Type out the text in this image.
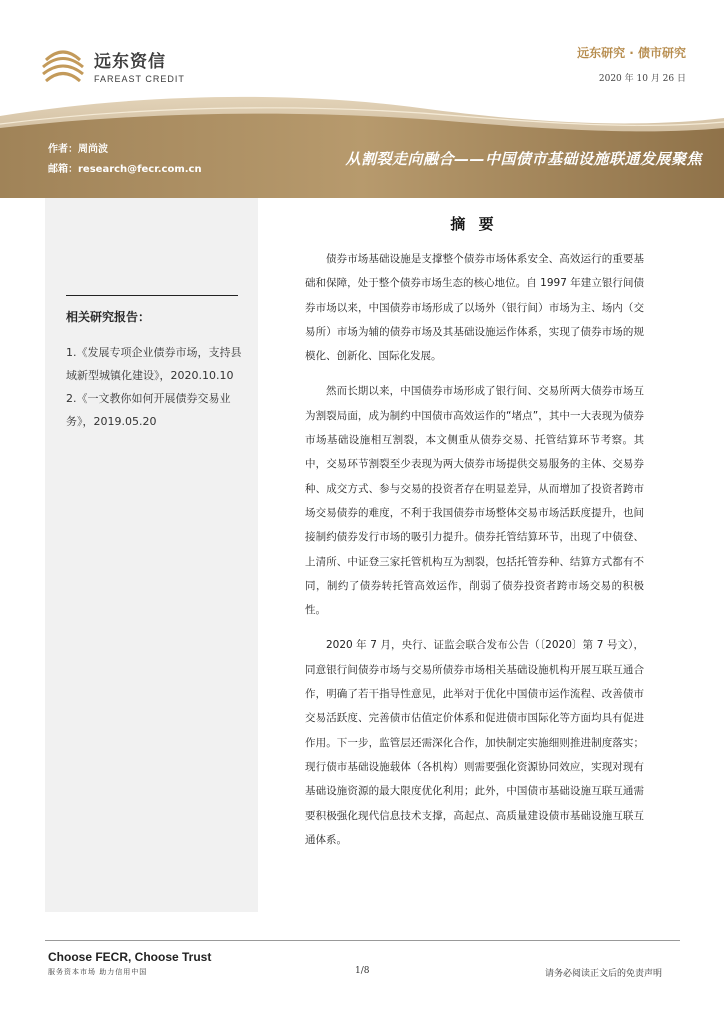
远东资信
FAREAST CREDIT
远东研究 · 债市研究
2020 年 10 月 26 日
作者：周尚波
邮箱：research@fecr.com.cn
从割裂走向融合——中国债市基础设施联通发展聚焦
相关研究报告：
1.《发展专项企业债券市场，支持县域新型城镇化建设》，2020.10.10
2.《一文教你如何开展债券交易业务》，2019.05.20
摘 要

债券市场基础设施是支撑整个债券市场体系安全、高效运行的重要基础和保障，处于整个债券市场生态的核心地位。自 1997 年建立银行间债券市场以来，中国债券市场形成了以场外（银行间）市场为主、场内（交易所）市场为辅的债券市场及其基础设施运作体系，实现了债券市场的规模化、创新化、国际化发展。

然而长期以来，中国债券市场形成了银行间、交易所两大债券市场互为割裂局面，成为制约中国债市高效运作的“堵点”，其中一大表现为债券市场基础设施相互割裂，本文侧重从债券交易、托管结算环节考察。其中，交易环节割裂至少表现为两大债券市场提供交易服务的主体、交易券种、成交方式、参与交易的投资者存在明显差异，从而增加了投资者跨市场交易债券的难度，不利于我国债券市场整体交易市场活跃度提升，也间接制约债券发行市场的吸引力提升。债券托管结算环节，出现了中债登、上清所、中证登三家托管机构互为割裂，包括托管券种、结算方式都有不同，制约了债券转托管高效运作，削弱了债券投资者跨市场交易的积极性。

2020 年 7 月，央行、证监会联合发布公告（〔2020〕第 7 号文），同意银行间债券市场与交易所债券市场相关基础设施机构开展互联互通合作，明确了若干指导性意见，此举对于优化中国债市运作流程、改善债市交易活跃度、完善债市估值定价体系和促进债市国际化等方面均具有促进作用。下一步，监管层还需深化合作，加快制定实施细则推进制度落实；现行债市基础设施载体（各机构）则需要强化资源协同效应，实现对现有基础设施资源的最大限度优化利用；此外，中国债市基础设施互联互通需要积极强化现代信息技术支撑，高起点、高质量建设债市基础设施互联互通体系。

Choose FECR, Choose Trust
服务资本市场 助力信用中国	1/8	请务必阅读正文后的免责声明
